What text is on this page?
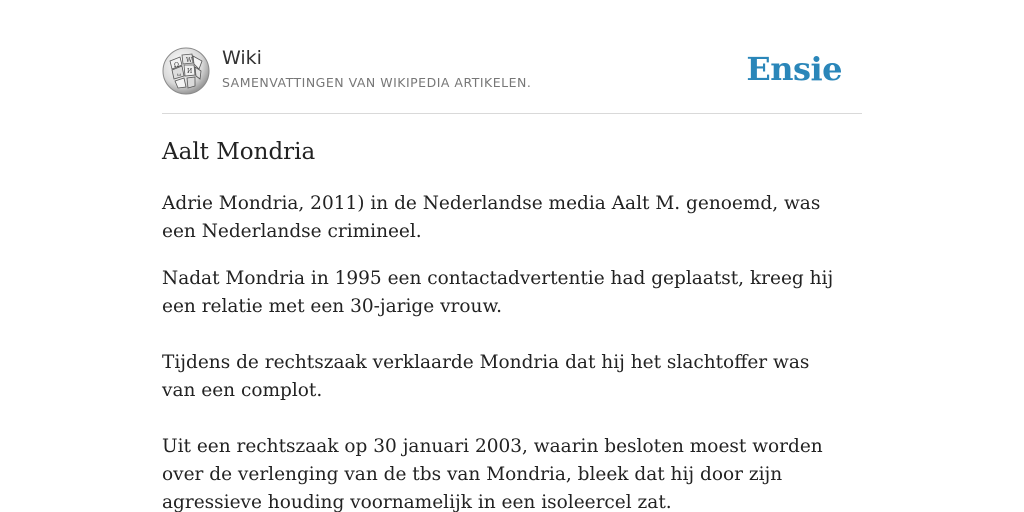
Ω
W
И
ω
Wiki
SAMENVATTINGEN VAN WIKIPEDIA ARTIKELEN.	Ensie
Aalt Mondria

Adrie Mondria, 2011) in de Nederlandse media Aalt M. genoemd, was een Nederlandse crimineel.

Nadat Mondria in 1995 een contactadvertentie had geplaatst, kreeg hij een relatie met een 30-jarige vrouw.

Tijdens de rechtszaak verklaarde Mondria dat hij het slachtoffer was van een complot.

Uit een rechtszaak op 30 januari 2003, waarin besloten moest worden over de verlenging van de tbs van Mondria, bleek dat hij door zijn agressieve houding voornamelijk in een isoleercel zat.
